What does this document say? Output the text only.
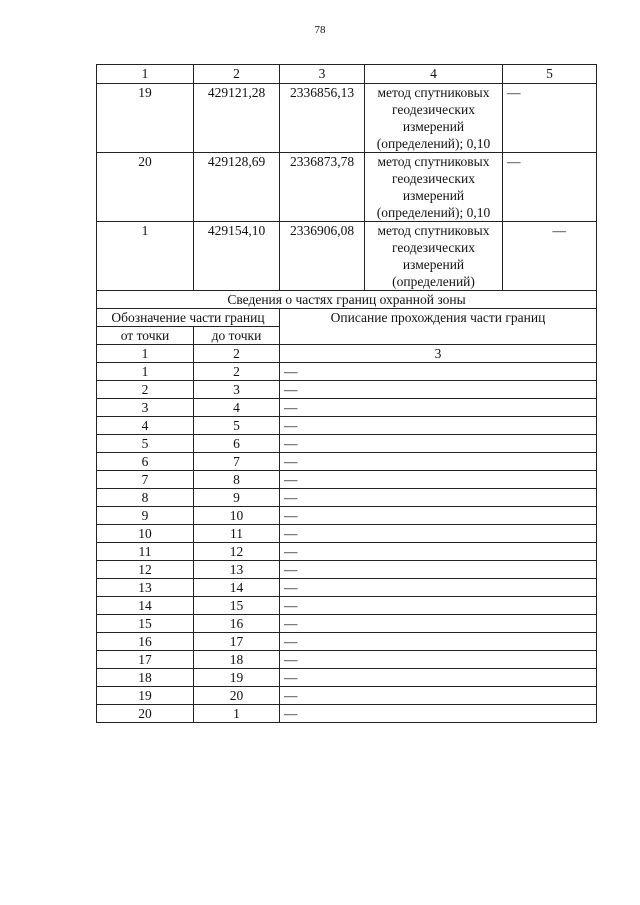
78
1	2	3	4	5
19	429121,28	2336856,13	метод спутниковых
геодезических
измерений
(определений); 0,10	—
20	429128,69	2336873,78	метод спутниковых
геодезических
измерений
(определений); 0,10	—
1	429154,10	2336906,08	метод спутниковых
геодезических
измерений
(определений)	—
Сведения о частях границ охранной зоны				
Обозначение части границ		Описание прохождения части границ		
от точки	до точки			
1	2	3		
1	2	—		
2	3	—		
3	4	—		
4	5	—		
5	6	—		
6	7	—		
7	8	—		
8	9	—		
9	10	—		
10	11	—		
11	12	—		
12	13	—		
13	14	—		
14	15	—		
15	16	—		
16	17	—		
17	18	—		
18	19	—		
19	20	—		
20	1	—		
